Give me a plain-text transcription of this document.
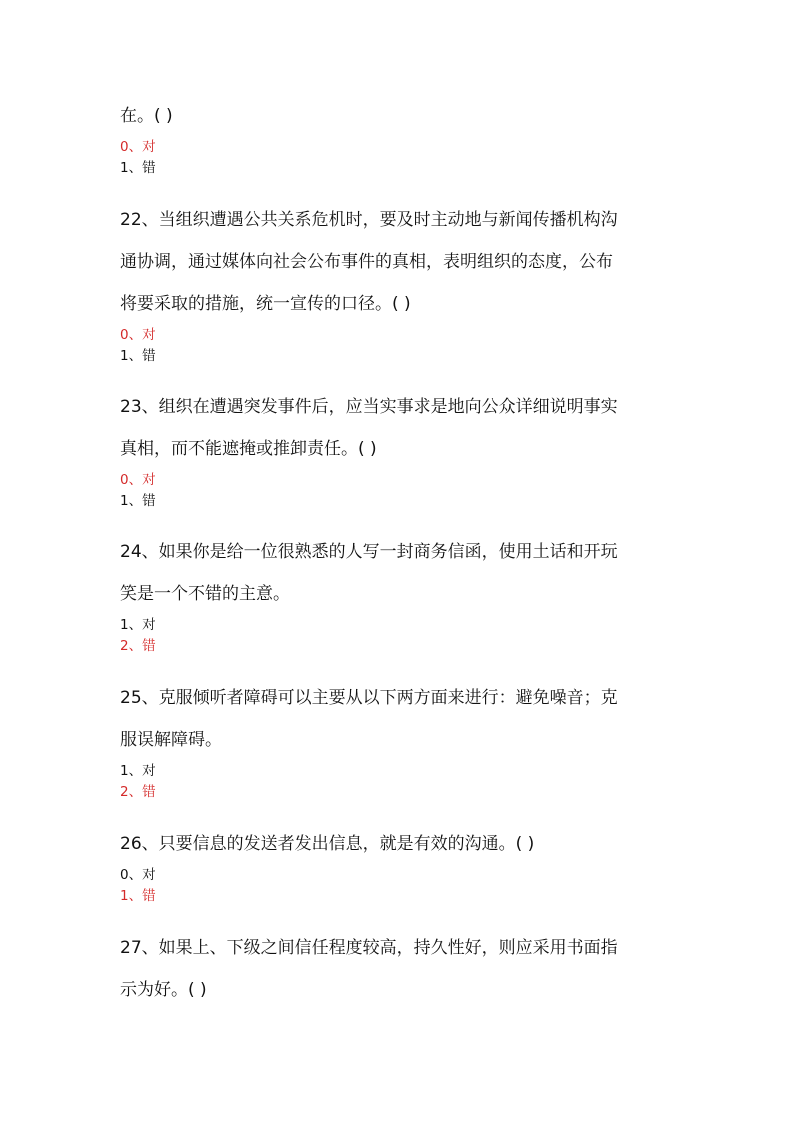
在。( )

0、对

1、错

22、当组织遭遇公共关系危机时，要及时主动地与新闻传播机构沟

通协调，通过媒体向社会公布事件的真相，表明组织的态度，公布

将要采取的措施，统一宣传的口径。( )

0、对

1、错

23、组织在遭遇突发事件后，应当实事求是地向公众详细说明事实

真相，而不能遮掩或推卸责任。( )

0、对

1、错

24、如果你是给一位很熟悉的人写一封商务信函，使用土话和开玩

笑是一个不错的主意。

1、对

2、错

25、克服倾听者障碍可以主要从以下两方面来进行：避免噪音；克

服误解障碍。

1、对

2、错

26、只要信息的发送者发出信息，就是有效的沟通。( )

0、对

1、错

27、如果上、下级之间信任程度较高，持久性好，则应采用书面指

示为好。( )
